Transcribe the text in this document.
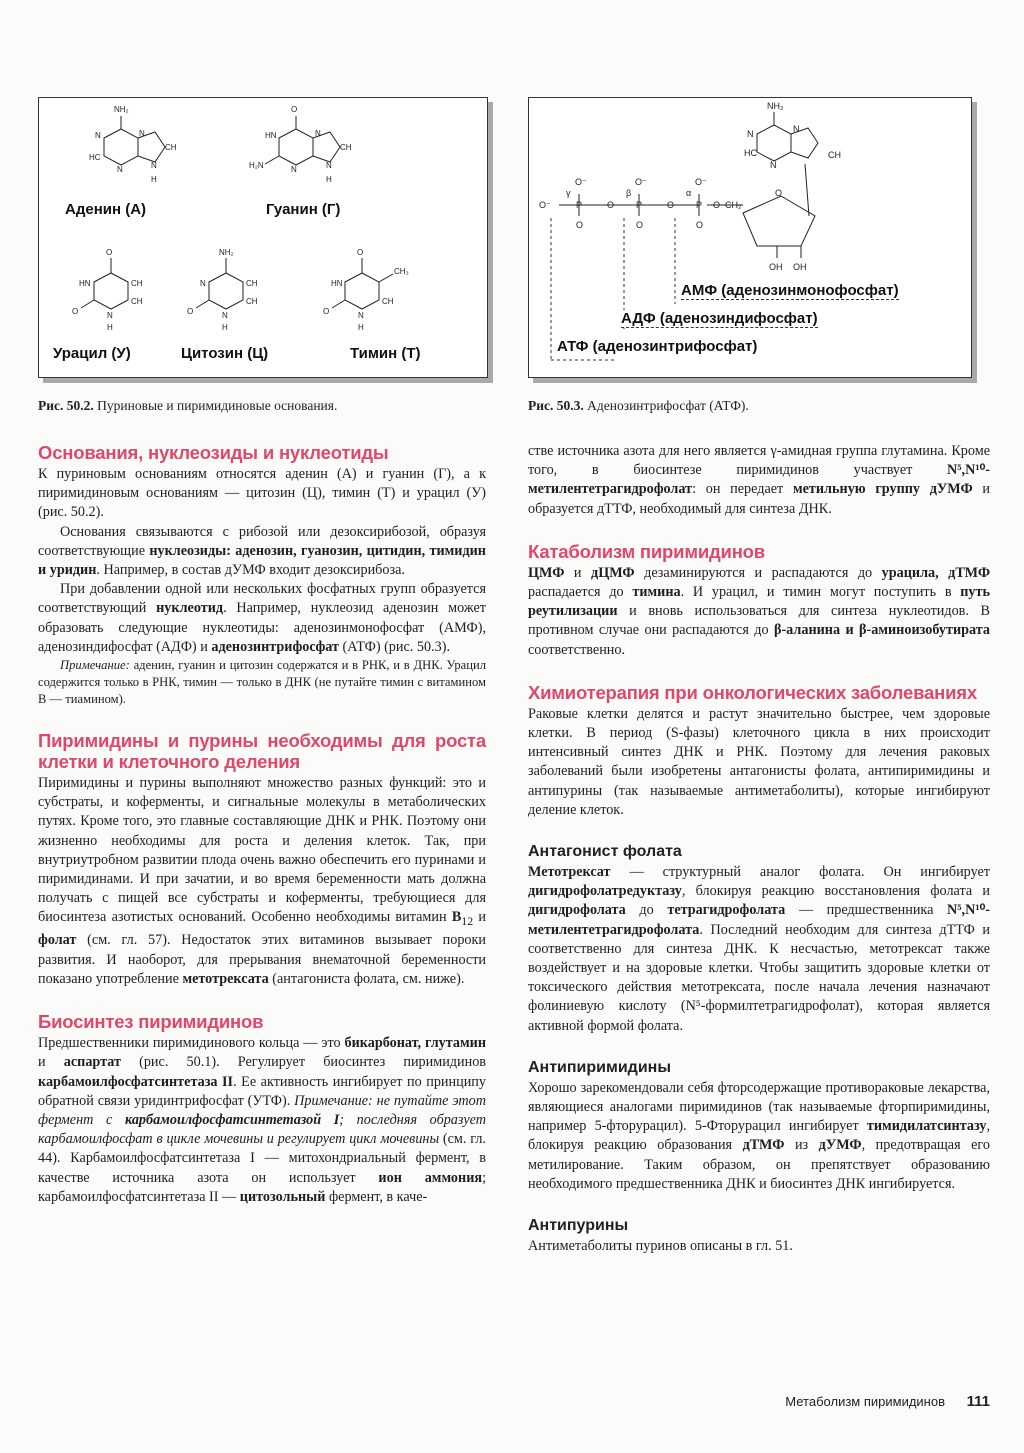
NH₂
N	N
HC
N
CH
N
H
O
HN	N
H₂N	N
CH
N
H
O
HN	CH
CH
O	N
H
NH₂
N	CH
CH
O	N
H
O
HN
CH
CH₃
O	N
H
Аденин (А)	Гуанин (Г)
Урацил (У)	Цитозин (Ц)	Тимин (Т)
Рис. 50.2. Пуриновые и пиримидиновые основания.
NH₂
N	N
HC
N
CH
O⁻	O⁻	O⁻
γ	β	α
O⁻	P	O P	O P O CH₂
O	O	O
O
OH OH
АМФ (аденозинмонофосфат)
АДФ (аденозиндифосфат)
АТФ (аденозинтрифосфат)
Рис. 50.3. Аденозинтрифосфат (АТФ).
Основания, нуклеозиды и нуклеотиды

К пуриновым основаниям относятся аденин (А) и гуанин (Г), а к пиримидиновым основаниям — цитозин (Ц), тимин (Т) и урацил (У) (рис. 50.2).

Основания связываются с рибозой или дезоксирибозой, образуя соответствующие нуклеозиды: аденозин, гуанозин, цитидин, тимидин и уридин. Например, в состав дУМФ входит дезоксирибоза.

При добавлении одной или нескольких фосфатных групп образуется соответствующий нуклеотид. Например, нуклеозид аденозин может образовать следующие нуклеотиды: аденозинмонофосфат (АМФ), аденозиндифосфат (АДФ) и аденозинтрифосфат (АТФ) (рис. 50.3).

Примечание: аденин, гуанин и цитозин содержатся и в РНК, и в ДНК. Урацил содержится только в РНК, тимин — только в ДНК (не путайте тимин с витамином В — тиамином).

Пиримидины и пурины необходимы для роста клетки и клеточного деления

Пиримидины и пурины выполняют множество разных функций: это и субстраты, и коферменты, и сигнальные молекулы в метаболических путях. Кроме того, это главные составляющие ДНК и РНК. Поэтому они жизненно необходимы для роста и деления клеток. Так, при внутриутробном развитии плода очень важно обеспечить его пуринами и пиримидинами. И при зачатии, и во время беременности мать должна получать с пищей все субстраты и коферменты, требующиеся для биосинтеза азотистых оснований. Особенно необходимы витамин $B_{12}$ и фолат (см. гл. 57). Недостаток этих витаминов вызывает пороки развития. И наоборот, для прерывания внематочной беременности показано употребление метотрексата (антагониста фолата, см. ниже).

Биосинтез пиримидинов

Предшественники пиримидинового кольца — это бикарбонат, глутамин и аспартат (рис. 50.1). Регулирует биосинтез пиримидинов карбамоилфосфатсинтетаза II. Ее активность ингибирует по принципу обратной связи уридинтрифосфат (УТФ). Примечание: не путайте этот фермент с карбамоилфосфатсинтетазой I; последняя образует карбамоилфосфат в цикле мочевины и регулирует цикл мочевины (см. гл. 44). Карбамоилфосфатсинтетаза I — митохондриальный фермент, в качестве источника азота он использует ион аммония; карбамоилфосфатсинтетаза II — цитозольный фермент, в каче-

стве источника азота для него является γ-амидная группа глутамина. Кроме того, в биосинтезе пиримидинов участвует N⁵,N¹⁰-метилентетрагидрофолат: он передает метильную группу дУМФ и образуется дТТФ, необходимый для синтеза ДНК.

Катаболизм пиримидинов

ЦМФ и дЦМФ дезаминируются и распадаются до урацила, дТМФ распадается до тимина. И урацил, и тимин могут поступить в путь реутилизации и вновь использоваться для синтеза нуклеотидов. В противном случае они распадаются до β-аланина и β-аминоизобутирата соответственно.

Химиотерапия при онкологических заболеваниях

Раковые клетки делятся и растут значительно быстрее, чем здоровые клетки. В период (S-фазы) клеточного цикла в них происходит интенсивный синтез ДНК и РНК. Поэтому для лечения раковых заболеваний были изобретены антагонисты фолата, антипиримидины и антипурины (так называемые антиметаболиты), которые ингибируют деление клеток.

Антагонист фолата

Метотрексат — структурный аналог фолата. Он ингибирует дигидрофолатредуктазу, блокируя реакцию восстановления фолата и дигидрофолата до тетрагидрофолата — предшественника N⁵,N¹⁰-метилентетрагидрофолата. Последний необходим для синтеза дТТФ и соответственно для синтеза ДНК. К несчастью, метотрексат также воздействует и на здоровые клетки. Чтобы защитить здоровые клетки от токсического действия метотрексата, после начала лечения назначают фолиниевую кислоту (N⁵-формилтетрагидрофолат), которая является активной формой фолата.

Антипиримидины

Хорошо зарекомендовали себя фторсодержащие противораковые лекарства, являющиеся аналогами пиримидинов (так называемые фторпиримидины, например 5-фторурацил). 5-Фторурацил ингибирует тимидилатсинтазу, блокируя реакцию образования дТМФ из дУМФ, предотвращая его метилирование. Таким образом, он препятствует образованию необходимого предшественника ДНК и биосинтез ДНК ингибируется.

Антипурины

Антиметаболиты пуринов описаны в гл. 51.

Метаболизм пиримидинов 111
